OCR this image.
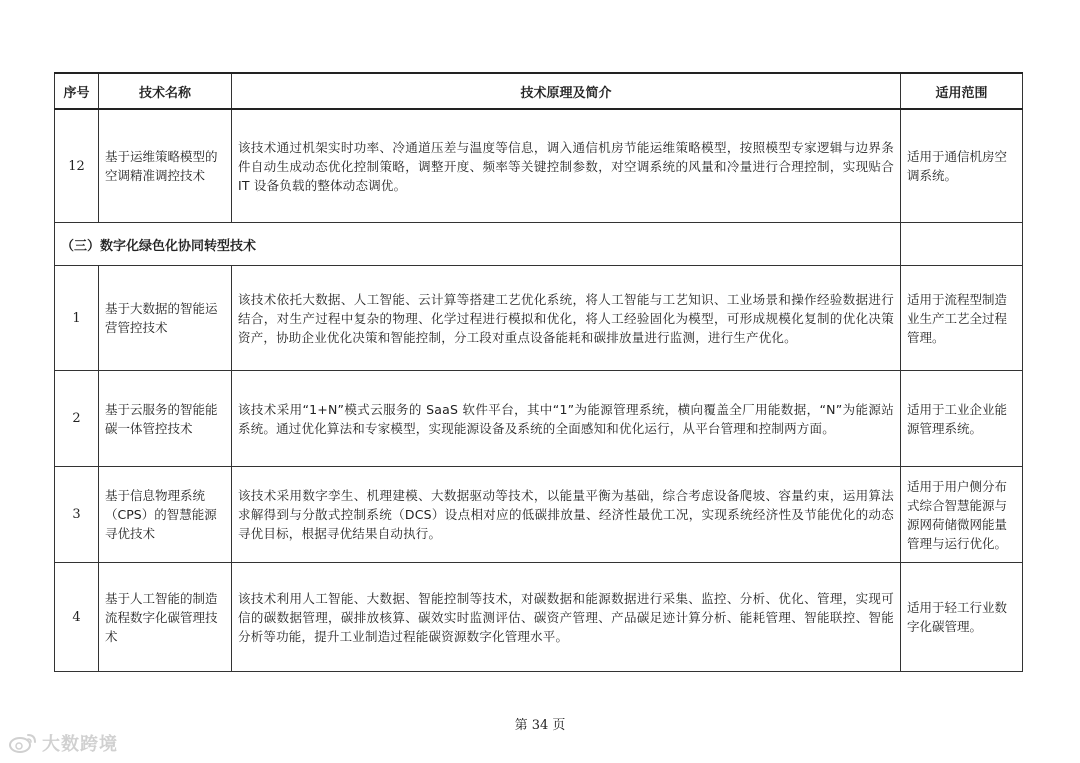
序号	技术名称	技术原理及简介	适用范围
12	基于运维策略模型的空调精准调控技术	该技术通过机架实时功率、冷通道压差与温度等信息，调入通信机房节能运维策略模型，按照模型专家逻辑与边界条件自动生成动态优化控制策略，调整开度、频率等关键控制参数，对空调系统的风量和冷量进行合理控制，实现贴合 IT 设备负载的整体动态调优。	适用于通信机房空调系统。
（三）数字化绿色化协同转型技术			
1	基于大数据的智能运营管控技术	该技术依托大数据、人工智能、云计算等搭建工艺优化系统，将人工智能与工艺知识、工业场景和操作经验数据进行结合，对生产过程中复杂的物理、化学过程进行模拟和优化，将人工经验固化为模型，可形成规模化复制的优化决策资产，协助企业优化决策和智能控制，分工段对重点设备能耗和碳排放量进行监测，进行生产优化。	适用于流程型制造业生产工艺全过程管理。
2	基于云服务的智能能碳一体管控技术	该技术采用“1+N”模式云服务的 SaaS 软件平台，其中“1”为能源管理系统，横向覆盖全厂用能数据，“N”为能源站系统。通过优化算法和专家模型，实现能源设备及系统的全面感知和优化运行，从平台管理和控制两方面。	适用于工业企业能源管理系统。
3	基于信息物理系统（CPS）的智慧能源寻优技术	该技术采用数字孪生、机理建模、大数据驱动等技术，以能量平衡为基础，综合考虑设备爬坡、容量约束，运用算法求解得到与分散式控制系统（DCS）设点相对应的低碳排放量、经济性最优工况，实现系统经济性及节能优化的动态寻优目标，根据寻优结果自动执行。	适用于用户侧分布式综合智慧能源与源网荷储微网能量管理与运行优化。
4	基于人工智能的制造流程数字化碳管理技术	该技术利用人工智能、大数据、智能控制等技术，对碳数据和能源数据进行采集、监控、分析、优化、管理，实现可信的碳数据管理，碳排放核算、碳效实时监测评估、碳资产管理、产品碳足迹计算分析、能耗管理、智能联控、智能分析等功能，提升工业制造过程能碳资源数字化管理水平。	适用于轻工行业数字化碳管理。
第 34 页
大数跨境
